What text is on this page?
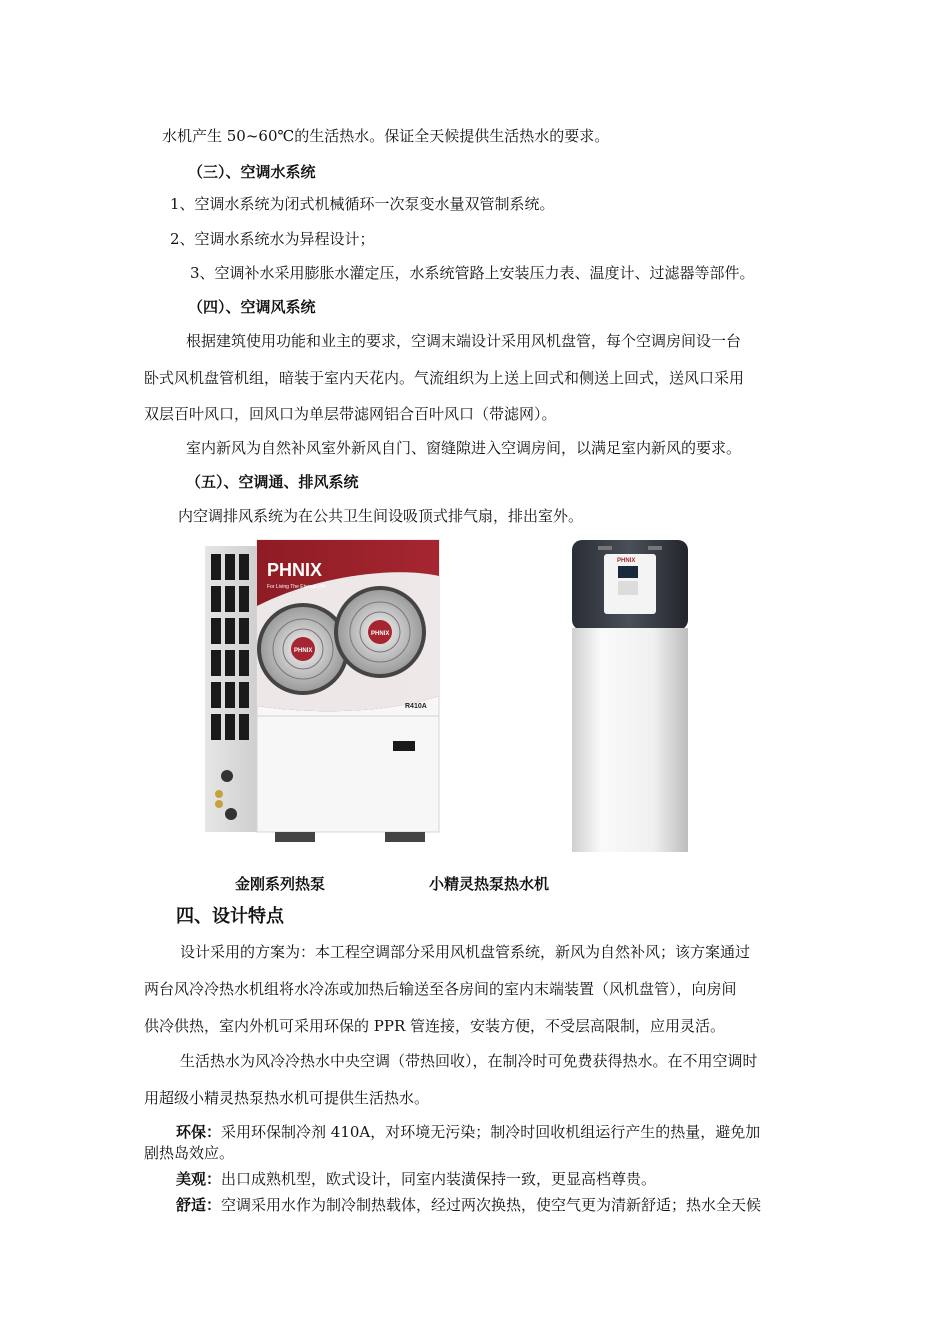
水机产生 50~60℃的生活热水。保证全天候提供生活热水的要求。
（三）、空调水系统
1、空调水系统为闭式机械循环一次泵变水量双管制系统。
2、空调水系统水为异程设计；
3、空调补水采用膨胀水灌定压，水系统管路上安装压力表、温度计、过滤器等部件。
（四）、空调风系统
根据建筑使用功能和业主的要求，空调末端设计采用风机盘管，每个空调房间设一台
卧式风机盘管机组，暗装于室内天花内。气流组织为上送上回式和侧送上回式，送风口采用
双层百叶风口，回风口为单层带滤网铝合百叶风口（带滤网）。
室内新风为自然补风室外新风自门、窗缝隙进入空调房间，以满足室内新风的要求。
（五）、空调通、排风系统
内空调排风系统为在公共卫生间设吸顶式排气扇，排出室外。
PHNIX
For Living The Eternal Life
PHNIX
PHNIX
R410A
PHNIX
金刚系列热泵	小精灵热泵热水机
四、设计特点
设计采用的方案为：本工程空调部分采用风机盘管系统，新风为自然补风；该方案通过
两台风冷冷热水机组将水冷冻或加热后输送至各房间的室内末端装置（风机盘管），向房间
供冷供热，室内外机可采用环保的 PPR 管连接，安装方便，不受层高限制，应用灵活。
生活热水为风冷冷热水中央空调（带热回收），在制冷时可免费获得热水。在不用空调时
用超级小精灵热泵热水机可提供生活热水。
环保：采用环保制冷剂 410A，对环境无污染；制冷时回收机组运行产生的热量，避免加
剧热岛效应。
美观：出口成熟机型，欧式设计，同室内装潢保持一致，更显高档尊贵。
舒适：空调采用水作为制冷制热载体，经过两次换热，使空气更为清新舒适；热水全天候
